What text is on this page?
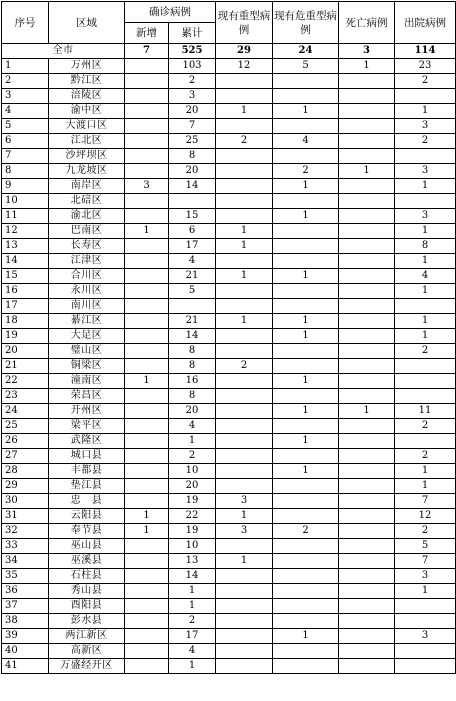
序号	区域	确诊病例		现有重型病例	现有危重型病例	死亡病例	出院病例
		新增	累计				
全市		7	525	29	24	3	114
1	万州区		103	12	5	1	23
2	黔江区		2				2
3	涪陵区		3				
4	渝中区		20	1	1		1
5	大渡口区		7				3
6	江北区		25	2	4		2
7	沙坪坝区		8				
8	九龙坡区		20		2	1	3
9	南岸区	3	14		1		1
10	北碚区						
11	渝北区		15		1		3
12	巴南区	1	6	1			1
13	长寿区		17	1			8
14	江津区		4				1
15	合川区		21	1	1		4
16	永川区		5				1
17	南川区						
18	綦江区		21	1	1		1
19	大足区		14		1		1
20	璧山区		8				2
21	铜梁区		8	2			
22	潼南区	1	16		1		
23	荣昌区		8				
24	开州区		20		1	1	11
25	梁平区		4				2
26	武隆区		1		1		
27	城口县		2				2
28	丰都县		10		1		1
29	垫江县		20				1
30	忠　县		19	3			7
31	云阳县	1	22	1			12
32	奉节县	1	19	3	2		2
33	巫山县		10				5
34	巫溪县		13	1			7
35	石柱县		14				3
36	秀山县		1				1
37	酉阳县		1				
38	彭水县		2				
39	两江新区		17		1		3
40	高新区		4				
41	万盛经开区		1				
